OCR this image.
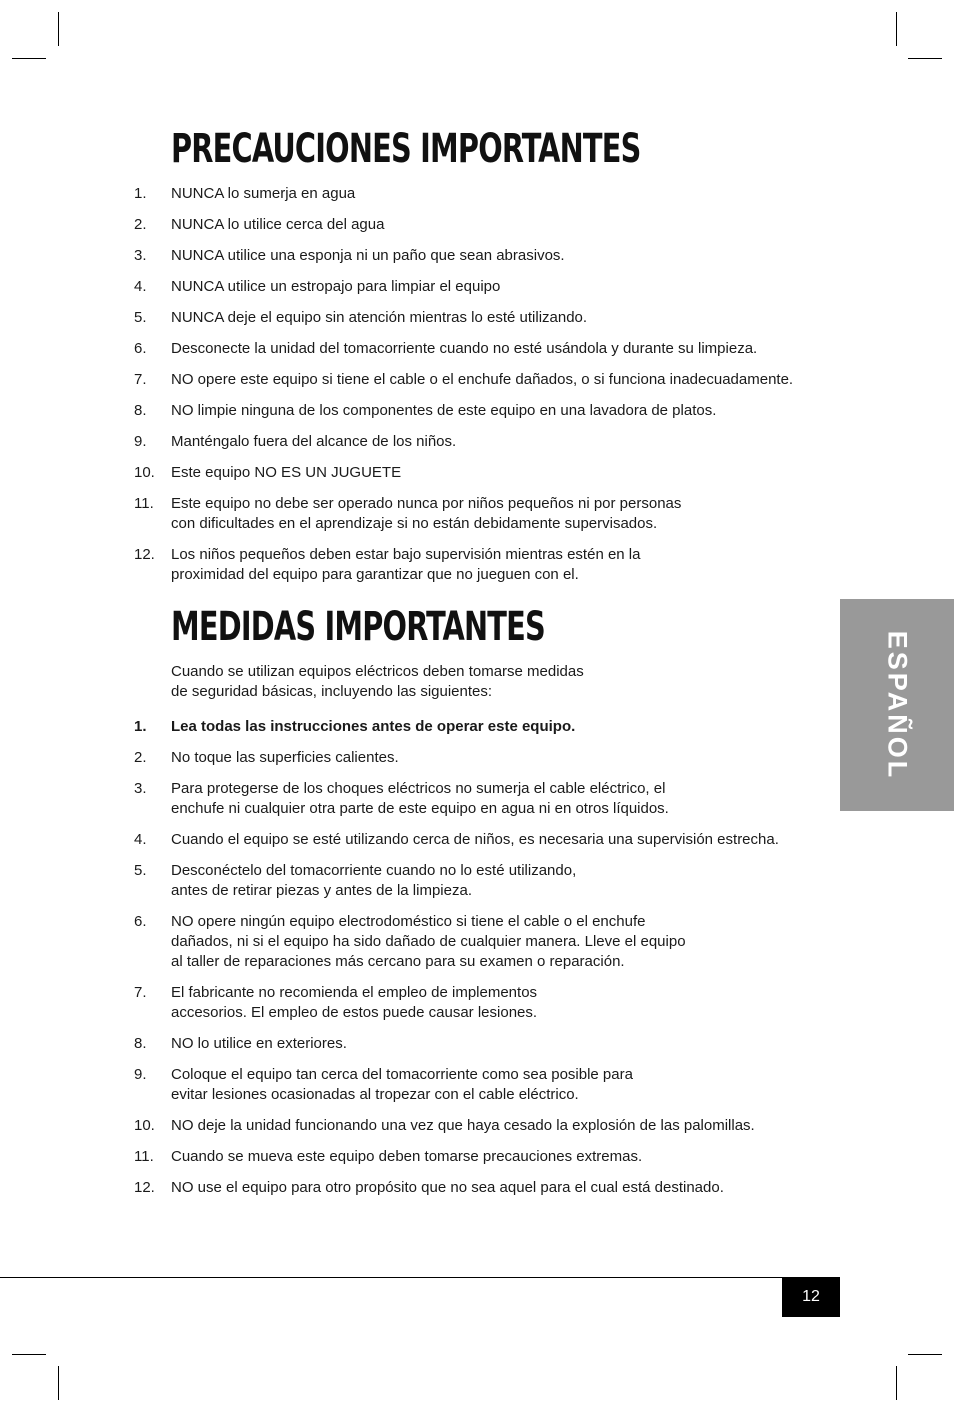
PRECAUCIONES IMPORTANTES
1.	NUNCA lo sumerja en agua
2.	NUNCA lo utilice cerca del agua
3.	NUNCA utilice una esponja ni un paño que sean abrasivos.
4.	NUNCA utilice un estropajo para limpiar el equipo
5.	NUNCA deje el equipo sin atención mientras lo esté utilizando.
6.	Desconecte la unidad del tomacorriente cuando no esté usándola y durante su limpieza.
7.	NO opere este equipo si tiene el cable o el enchufe dañados, o si funciona inadecuadamente.
8.	NO limpie ninguna de los componentes de este equipo en una lavadora de platos.
9.	Manténgalo fuera del alcance de los niños.
10.	Este equipo NO ES UN JUGUETE
11.	Este equipo no debe ser operado nunca por niños pequeños ni por personas
con dificultades en el aprendizaje si no están debidamente supervisados.
12.	Los niños pequeños deben estar bajo supervisión mientras estén en la
proximidad del equipo para garantizar que no jueguen con el.
MEDIDAS IMPORTANTES

Cuando se utilizan equipos eléctricos deben tomarse medidas
de seguridad básicas, incluyendo las siguientes:

1.	Lea todas las instrucciones antes de operar este equipo.
2.	No toque las superficies calientes.
3.	Para protegerse de los choques eléctricos no sumerja el cable eléctrico, el
enchufe ni cualquier otra parte de este equipo en agua ni en otros líquidos.
4.	Cuando el equipo se esté utilizando cerca de niños, es necesaria una supervisión estrecha.
5.	Desconéctelo del tomacorriente cuando no lo esté utilizando,
antes de retirar piezas y antes de la limpieza.
6.	NO opere ningún equipo electrodoméstico si tiene el cable o el enchufe
dañados, ni si el equipo ha sido dañado de cualquier manera. Lleve el equipo
al taller de reparaciones más cercano para su examen o reparación.
7.	El fabricante no recomienda el empleo de implementos
accesorios. El empleo de estos puede causar lesiones.
8.	NO lo utilice en exteriores.
9.	Coloque el equipo tan cerca del tomacorriente como sea posible para
evitar lesiones ocasionadas al tropezar con el cable eléctrico.
10.	NO deje la unidad funcionando una vez que haya cesado la explosión de las palomillas.
11.	Cuando se mueva este equipo deben tomarse precauciones extremas.
12.	NO use el equipo para otro propósito que no sea aquel para el cual está destinado.
ESPAÑOL
12
